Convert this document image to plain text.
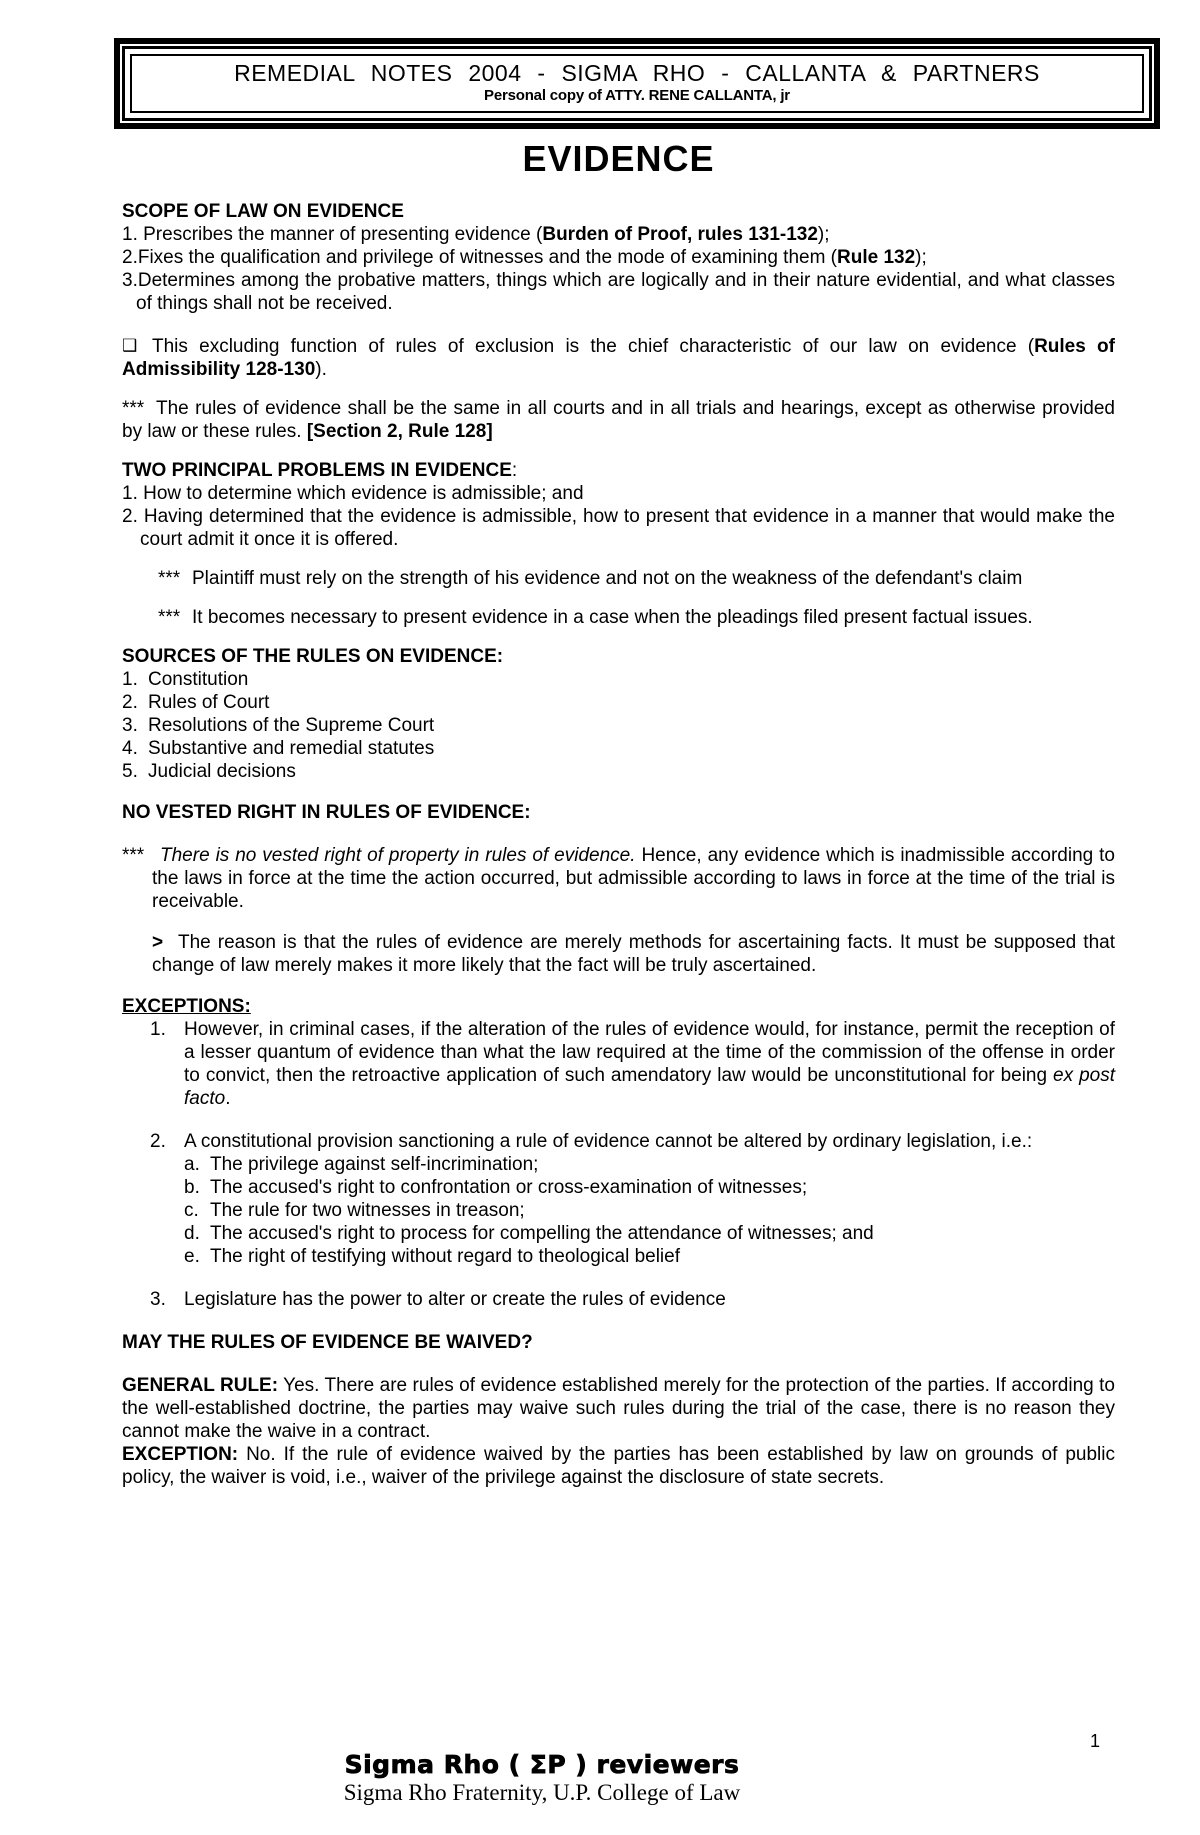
REMEDIAL NOTES 2004 - SIGMA RHO - CALLANTA & PARTNERS
Personal copy of ATTY. RENE CALLANTA, jr
EVIDENCE

SCOPE OF LAW ON EVIDENCE

1. Prescribes the manner of presenting evidence (Burden of Proof, rules 131-132);

2.Fixes the qualification and privilege of witnesses and the mode of examining them (Rule 132);

3.Determines among the probative matters, things which are logically and in their nature evidential, and what classes of things shall not be received.

❑ This excluding function of rules of exclusion is the chief characteristic of our law on evidence (Rules of Admissibility 128-130).

*** The rules of evidence shall be the same in all courts and in all trials and hearings, except as otherwise provided by law or these rules. [Section 2, Rule 128]

TWO PRINCIPAL PROBLEMS IN EVIDENCE:

1. How to determine which evidence is admissible; and

2. Having determined that the evidence is admissible, how to present that evidence in a manner that would make the court admit it once it is offered.

*** Plaintiff must rely on the strength of his evidence and not on the weakness of the defendant's claim

*** It becomes necessary to present evidence in a case when the pleadings filed present factual issues.

SOURCES OF THE RULES ON EVIDENCE:

1. Constitution

2. Rules of Court

3. Resolutions of the Supreme Court

4. Substantive and remedial statutes

5. Judicial decisions

NO VESTED RIGHT IN RULES OF EVIDENCE:

*** There is no vested right of property in rules of evidence. Hence, any evidence which is inadmissible according to the laws in force at the time the action occurred, but admissible according to laws in force at the time of the trial is receivable.

> The reason is that the rules of evidence are merely methods for ascertaining facts. It must be supposed that change of law merely makes it more likely that the fact will be truly ascertained.

EXCEPTIONS:

1. However, in criminal cases, if the alteration of the rules of evidence would, for instance, permit the reception of a lesser quantum of evidence than what the law required at the time of the commission of the offense in order to convict, then the retroactive application of such amendatory law would be unconstitutional for being ex post facto.

2. A constitutional provision sanctioning a rule of evidence cannot be altered by ordinary legislation, i.e.:

a. The privilege against self-incrimination;

b. The accused's right to confrontation or cross-examination of witnesses;

c. The rule for two witnesses in treason;

d. The accused's right to process for compelling the attendance of witnesses; and

e. The right of testifying without regard to theological belief

3. Legislature has the power to alter or create the rules of evidence

MAY THE RULES OF EVIDENCE BE WAIVED?

GENERAL RULE: Yes. There are rules of evidence established merely for the protection of the parties. If according to the well-established doctrine, the parties may waive such rules during the trial of the case, there is no reason they cannot make the waive in a contract.

EXCEPTION: No. If the rule of evidence waived by the parties has been established by law on grounds of public policy, the waiver is void, i.e., waiver of the privilege against the disclosure of state secrets.

Sigma Rho ( ΣP ) reviewers
Sigma Rho Fraternity, U.P. College of Law
1
